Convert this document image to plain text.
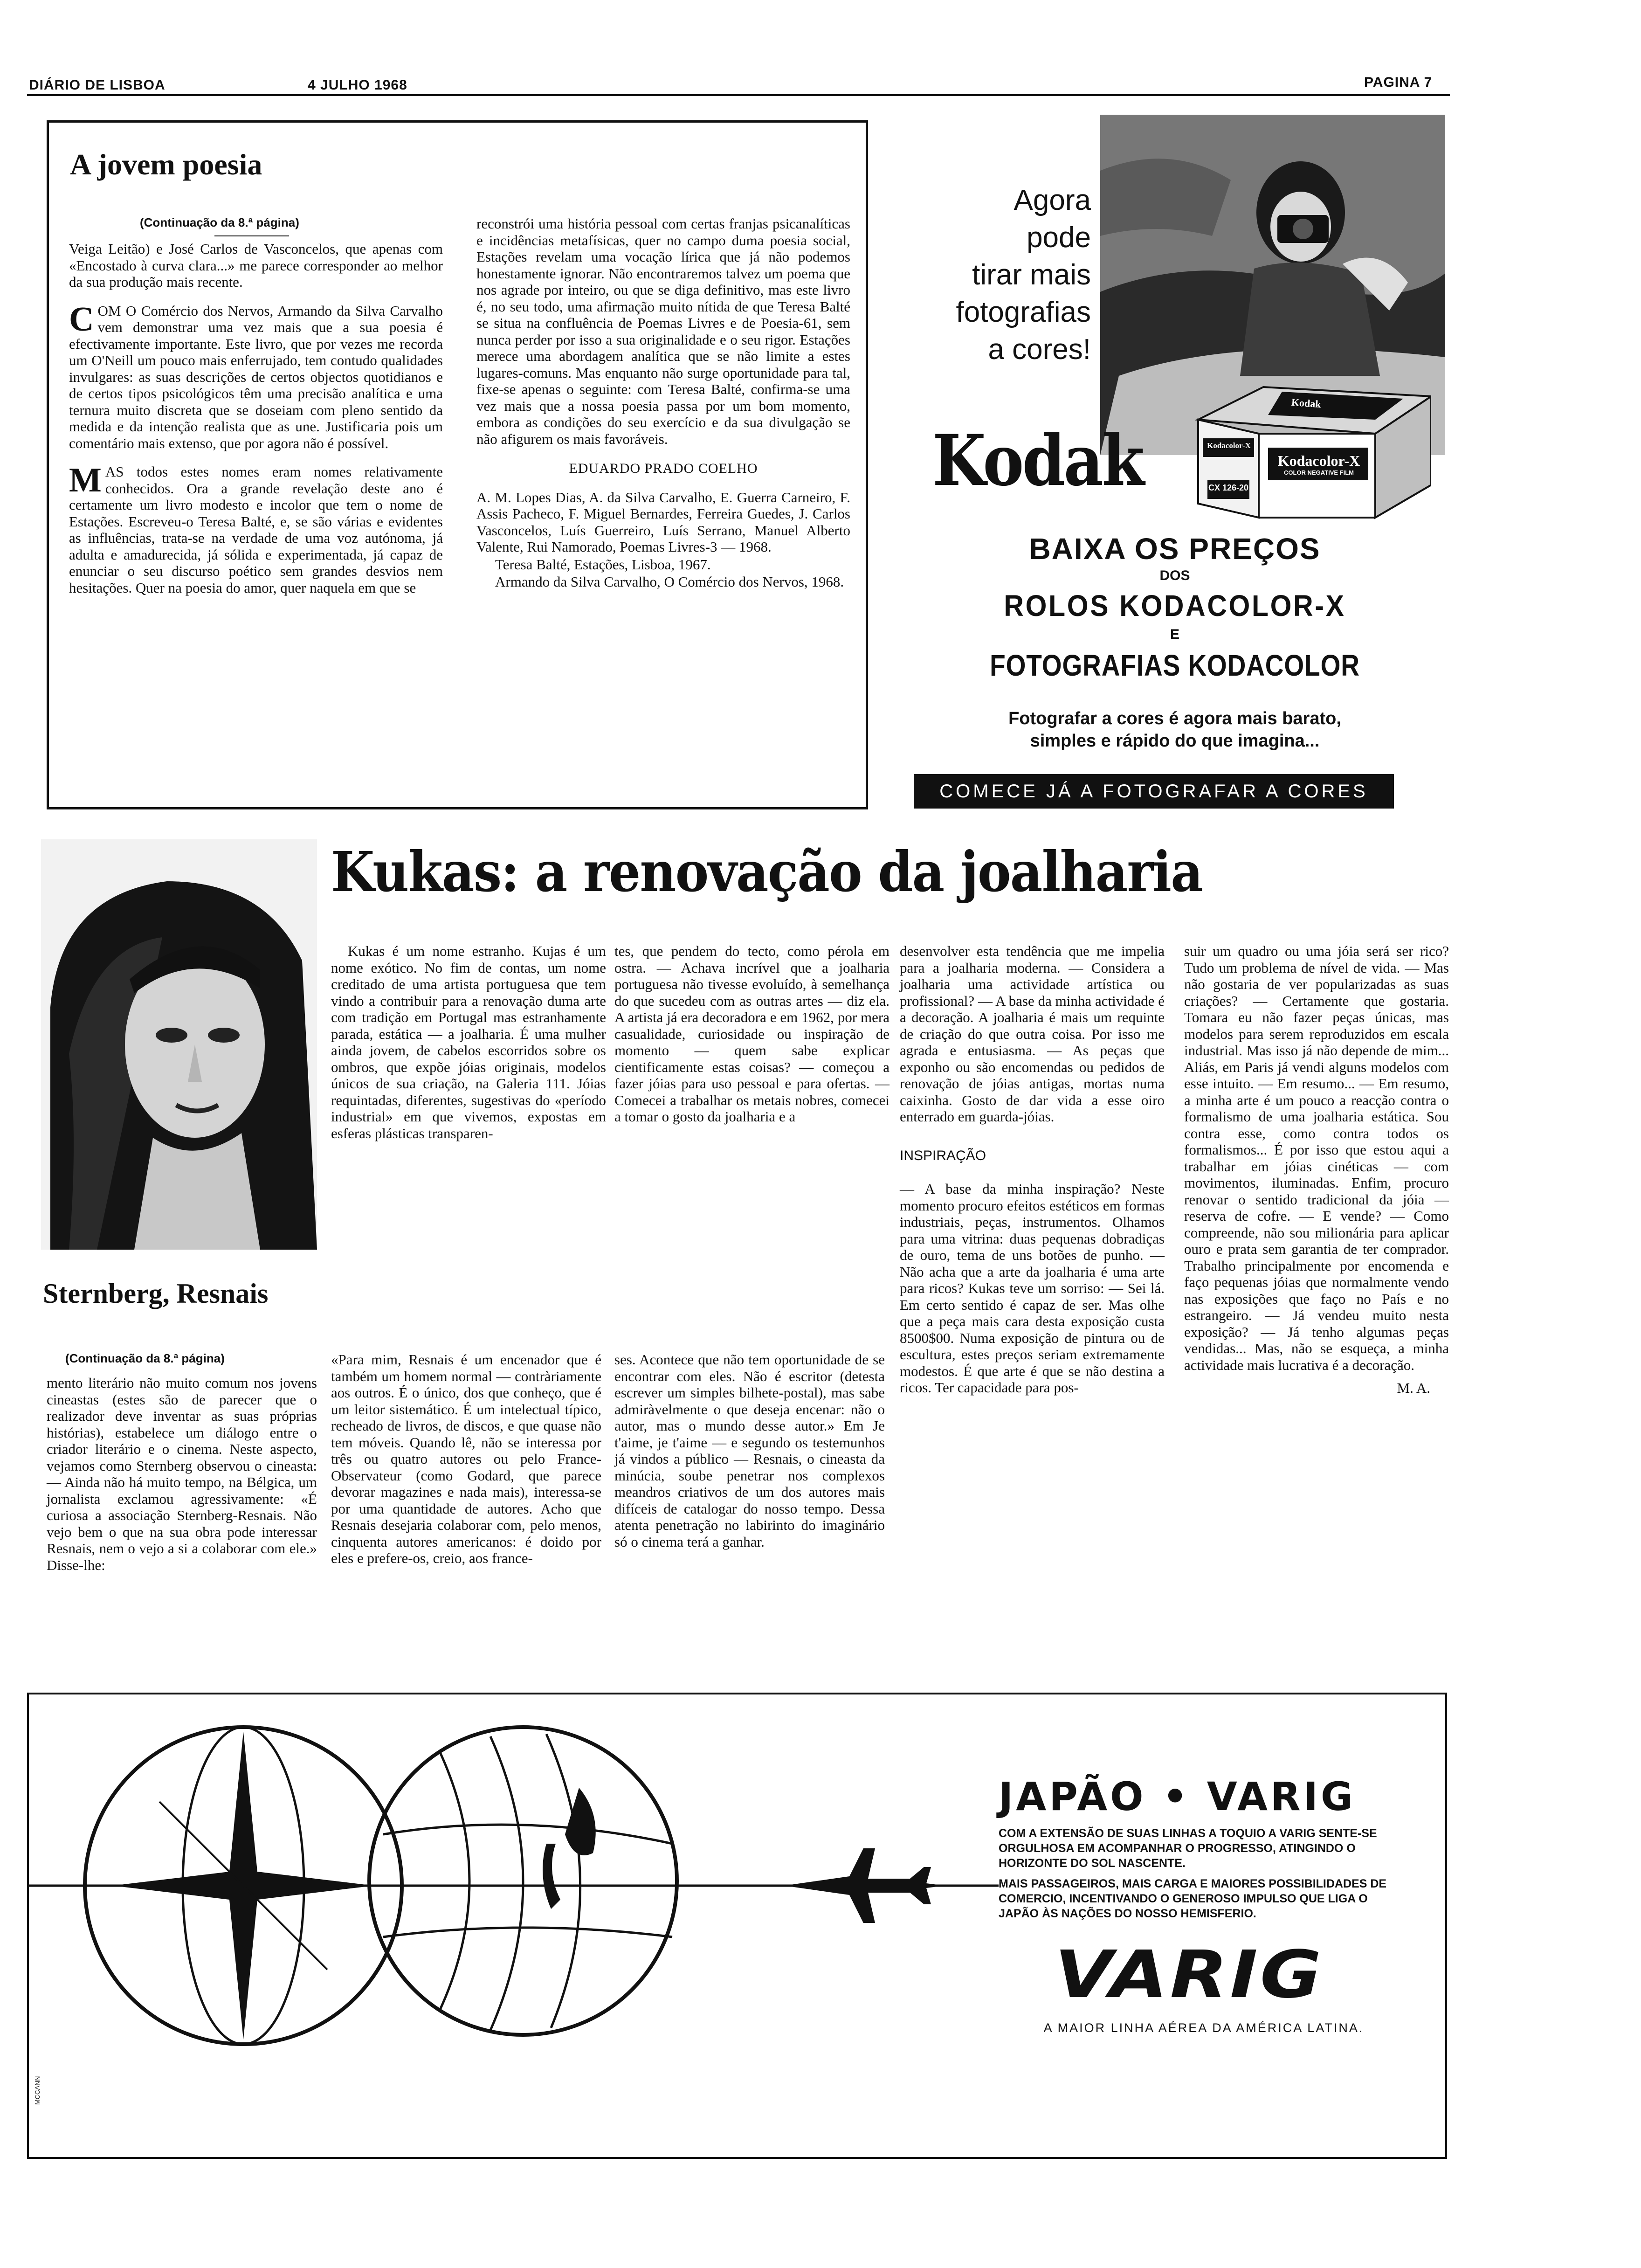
DIÁRIO DE LISBOA	4 JULHO 1968	PAGINA 7
A jovem poesia
(Continuação da 8.ª página)

Veiga Leitão) e José Carlos de Vasconcelos, que apenas com «Encostado à curva clara...» me parece corresponder ao melhor da sua produção mais recente.

COM O Comércio dos Nervos, Armando da Silva Carvalho vem demonstrar uma vez mais que a sua poesia é efectivamente importante. Este livro, que por vezes me recorda um O'Neill um pouco mais enferrujado, tem contudo qualidades invulgares: as suas descrições de certos objectos quotidianos e de certos tipos psicológicos têm uma precisão analítica e uma ternura muito discreta que se doseiam com pleno sentido da medida e da intenção realista que as une. Justificaria pois um comentário mais extenso, que por agora não é possível.

MAS todos estes nomes eram nomes relativamente conhecidos. Ora a grande revelação deste ano é certamente um livro modesto e incolor que tem o nome de Estações. Escreveu-o Teresa Balté, e, se são várias e evidentes as influências, trata-se na verdade de uma voz autónoma, já adulta e amadurecida, já sólida e experimentada, já capaz de enunciar o seu discurso poético sem grandes desvios nem hesitações. Quer na poesia do amor, quer naquela em que se

reconstrói uma história pessoal com certas franjas psicanalíticas e incidências metafísicas, quer no campo duma poesia social, Estações revelam uma vocação lírica que já não podemos honestamente ignorar. Não encontraremos talvez um poema que nos agrade por inteiro, ou que se diga definitivo, mas este livro é, no seu todo, uma afirmação muito nítida de que Teresa Balté se situa na confluência de Poemas Livres e de Poesia-61, sem nunca perder por isso a sua originalidade e o seu rigor. Estações merece uma abordagem analítica que se não limite a estes lugares-comuns. Mas enquanto não surge oportunidade para tal, fixe-se apenas o seguinte: com Teresa Balté, confirma-se uma vez mais que a nossa poesia passa por um bom momento, embora as condições do seu exercício e da sua divulgação se não afigurem os mais favoráveis.

EDUARDO PRADO COELHO

A. M. Lopes Dias, A. da Silva Carvalho, E. Guerra Carneiro, F. Assis Pacheco, F. Miguel Bernardes, Ferreira Guedes, J. Carlos Vasconcelos, Luís Guerreiro, Luís Serrano, Manuel Alberto Valente, Rui Namorado, Poemas Livres-3 — 1968.

Teresa Balté, Estações, Lisboa, 1967.

Armando da Silva Carvalho, O Comércio dos Nervos, 1968.

Agora
pode
tirar mais
fotografias
a cores!
Kodacolor-X
COLOR NEGATIVE FILM
Kodacolor-X
CX 126-20
Kodak
Kodak
BAIXA OS PREÇOS
DOS
ROLOS KODACOLOR-X
E
FOTOGRAFIAS KODACOLOR
Fotografar a cores é agora mais barato,
simples e rápido do que imagina...
COMECE JÁ A FOTOGRAFAR A CORES
Kukas: a renovação da joalharia

Kukas é um nome estranho. Kujas é um nome exótico. No fim de contas, um nome creditado de uma artista portuguesa que tem vindo a contribuir para a renovação duma arte com tradição em Portugal mas estranhamente parada, estática — a joalharia. É uma mulher ainda jovem, de cabelos escorridos sobre os ombros, que expõe jóias originais, modelos únicos de sua criação, na Galeria 111. Jóias requintadas, diferentes, sugestivas do «período industrial» em que vivemos, expostas em esferas plásticas transparen-

tes, que pendem do tecto, como pérola em ostra. — Achava incrível que a joalharia portuguesa não tivesse evoluído, à semelhança do que sucedeu com as outras artes — diz ela. A artista já era decoradora e em 1962, por mera casualidade, curiosidade ou inspiração de momento — quem sabe explicar cientificamente estas coisas? — começou a fazer jóias para uso pessoal e para ofertas. — Comecei a trabalhar os metais nobres, comecei a tomar o gosto da joalharia e a

desenvolver esta tendência que me impelia para a joalharia moderna. — Considera a joalharia uma actividade artística ou profissional? — A base da minha actividade é a decoração. A joalharia é mais um requinte de criação do que outra coisa. Por isso me agrada e entusiasma. — As peças que exponho ou são encomendas ou pedidos de renovação de jóias antigas, mortas numa caixinha. Gosto de dar vida a esse oiro enterrado em guarda-jóias.

INSPIRAÇÃO

— A base da minha inspiração? Neste momento procuro efeitos estéticos em formas industriais, peças, instrumentos. Olhamos para uma vitrina: duas pequenas dobradiças de ouro, tema de uns botões de punho. — Não acha que a arte da joalharia é uma arte para ricos? Kukas teve um sorriso: — Sei lá. Em certo sentido é capaz de ser. Mas olhe que a peça mais cara desta exposição custa 8500$00. Numa exposição de pintura ou de escultura, estes preços seriam extremamente modestos. É que arte é que se não destina a ricos. Ter capacidade para pos-

suir um quadro ou uma jóia será ser rico? Tudo um problema de nível de vida. — Mas não gostaria de ver popularizadas as suas criações? — Certamente que gostaria. Tomara eu não fazer peças únicas, mas modelos para serem reproduzidos em escala industrial. Mas isso já não depende de mim... Aliás, em Paris já vendi alguns modelos com esse intuito. — Em resumo... — Em resumo, a minha arte é um pouco a reacção contra o formalismo de uma joalharia estática. Sou contra esse, como contra todos os formalismos... É por isso que estou aqui a trabalhar em jóias cinéticas — com movimentos, iluminadas. Enfim, procuro renovar o sentido tradicional da jóia — reserva de cofre. — E vende? — Como compreende, não sou milionária para aplicar ouro e prata sem garantia de ter comprador. Trabalho principalmente por encomenda e faço pequenas jóias que normalmente vendo nas exposições que faço no País e no estrangeiro. — Já vendeu muito nesta exposição? — Já tenho algumas peças vendidas... Mas, não se esqueça, a minha actividade mais lucrativa é a decoração.

M. A.

Sternberg, Resnais
(Continuação da 8.ª página)

mento literário não muito comum nos jovens cineastas (estes são de parecer que o realizador deve inventar as suas próprias histórias), estabelece um diálogo entre o criador literário e o cinema. Neste aspecto, vejamos como Sternberg observou o cineasta: — Ainda não há muito tempo, na Bélgica, um jornalista exclamou agressivamente: «É curiosa a associação Sternberg-Resnais. Não vejo bem o que na sua obra pode interessar Resnais, nem o vejo a si a colaborar com ele.» Disse-lhe:

«Para mim, Resnais é um encenador que é também um homem normal — contràriamente aos outros. É o único, dos que conheço, que é um leitor sistemático. É um intelectual típico, recheado de livros, de discos, e que quase não tem móveis. Quando lê, não se interessa por três ou quatro autores ou pelo France-Observateur (como Godard, que parece devorar magazines e nada mais), interessa-se por uma quantidade de autores. Acho que Resnais desejaria colaborar com, pelo menos, cinquenta autores americanos: é doido por eles e prefere-os, creio, aos france-

ses. Acontece que não tem oportunidade de se encontrar com eles. Não é escritor (detesta escrever um simples bilhete-postal), mas sabe admiràvelmente o que deseja encenar: não o autor, mas o mundo desse autor.» Em Je t'aime, je t'aime — e segundo os testemunhos já vindos a público — Resnais, o cineasta da minúcia, soube penetrar nos complexos meandros criativos de um dos autores mais difíceis de catalogar do nosso tempo. Dessa atenta penetração no labirinto do imaginário só o cinema terá a ganhar.

JAPÃO • VARIG
COM A EXTENSÃO DE SUAS LINHAS A TOQUIO A VARIG SENTE-SE ORGULHOSA EM ACOMPANHAR O PROGRESSO, ATINGINDO O HORIZONTE DO SOL NASCENTE.
MAIS PASSAGEIROS, MAIS CARGA E MAIORES POSSIBILIDADES DE COMERCIO, INCENTIVANDO O GENEROSO IMPULSO QUE LIGA O JAPÃO ÀS NAÇÕES DO NOSSO HEMISFERIO.
VARIG
A MAIOR LINHA AÉREA DA AMÉRICA LATINA.
MCCANN
